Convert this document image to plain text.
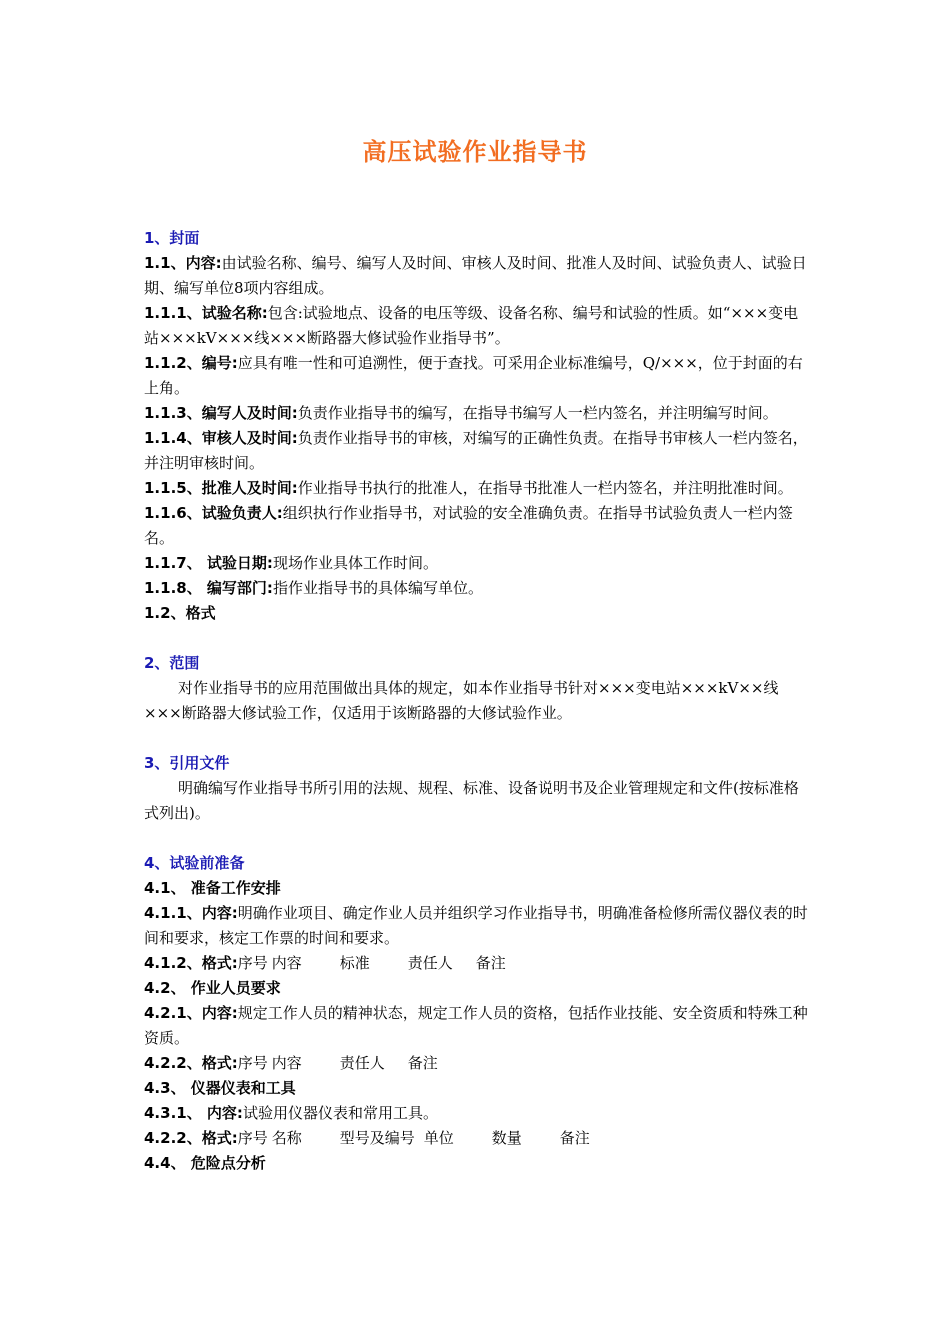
高压试验作业指导书

1、封面

1.1、内容:由试验名称、编号、编写人及时间、审核人及时间、批准人及时间、试验负责人、试验日期、编写单位8项内容组成。

1.1.1、试验名称:包含:试验地点、设备的电压等级、设备名称、编号和试验的性质。如“×××变电站×××kV×××线×××断路器大修试验作业指导书”。

1.1.2、编号:应具有唯一性和可追溯性，便于查找。可采用企业标准编号，Q/×××，位于封面的右上角。

1.1.3、编写人及时间:负责作业指导书的编写，在指导书编写人一栏内签名，并注明编写时间。

1.1.4、审核人及时间:负责作业指导书的审核，对编写的正确性负责。在指导书审核人一栏内签名，并注明审核时间。

1.1.5、批准人及时间:作业指导书执行的批准人，在指导书批准人一栏内签名，并注明批准时间。

1.1.6、试验负责人:组织执行作业指导书，对试验的安全准确负责。在指导书试验负责人一栏内签名。

1.1.7、 试验日期:现场作业具体工作时间。

1.1.8、 编写部门:指作业指导书的具体编写单位。

1.2、格式

2、范围

对作业指导书的应用范围做出具体的规定，如本作业指导书针对×××变电站×××kV××线×××断路器大修试验工作，仅适用于该断路器的大修试验作业。

3、引用文件

明确编写作业指导书所引用的法规、规程、标准、设备说明书及企业管理规定和文件(按标准格式列出)。

4、试验前准备

4.1、 准备工作安排

4.1.1、内容:明确作业项目、确定作业人员并组织学习作业指导书，明确准备检修所需仪器仪表的时间和要求，核定工作票的时间和要求。

4.1.2、格式:序号 内容	标准	责任人 备注

4.2、 作业人员要求

4.2.1、内容:规定工作人员的精神状态，规定工作人员的资格，包括作业技能、安全资质和特殊工种资质。

4.2.2、格式:序号 内容	责任人 备注

4.3、 仪器仪表和工具

4.3.1、 内容:试验用仪器仪表和常用工具。

4.2.2、格式:序号 名称	型号及编号 单位	数量	备注

4.4、 危险点分析
